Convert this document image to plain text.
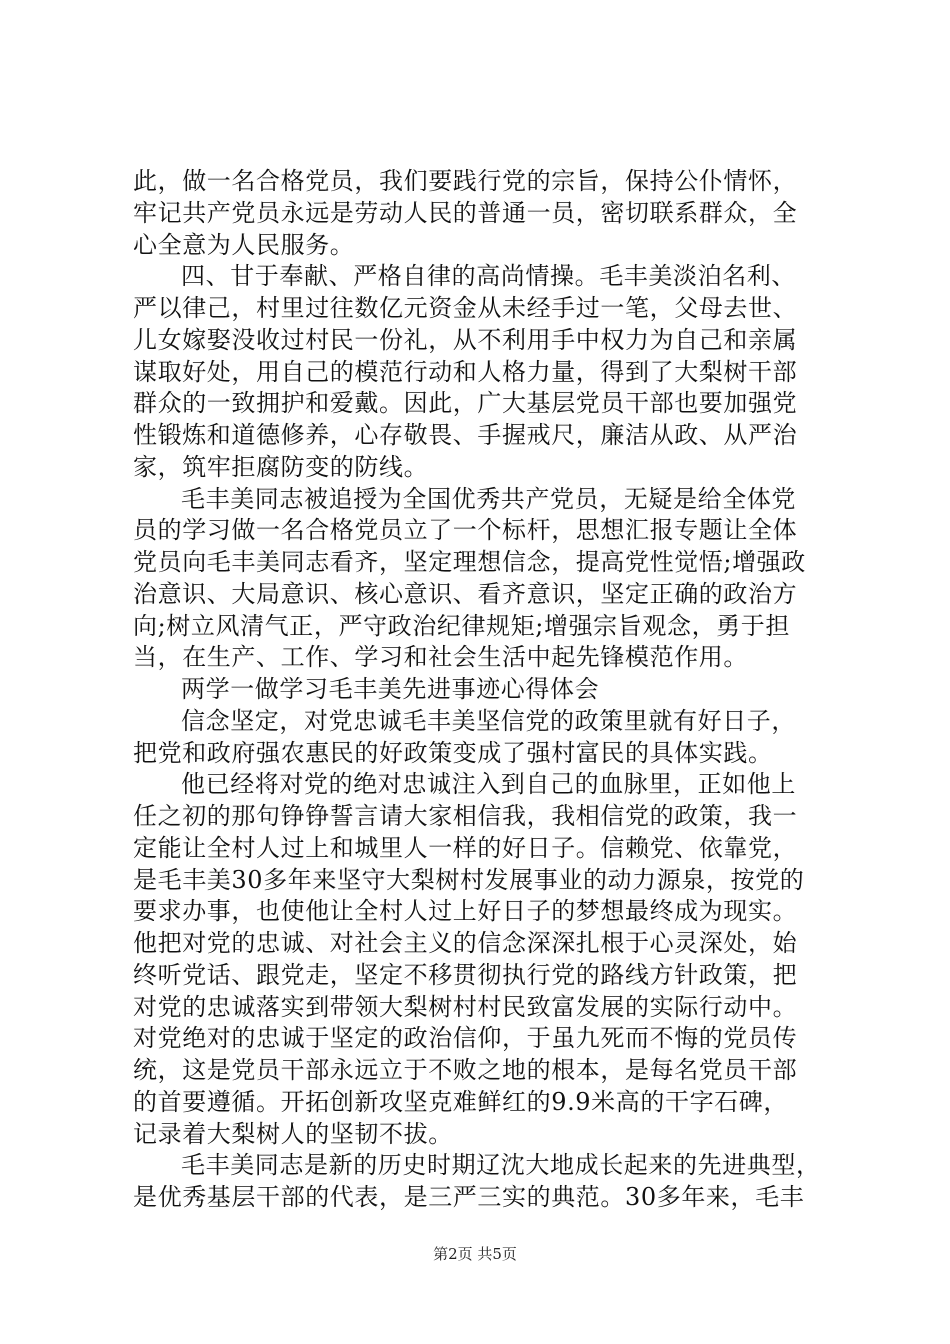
此，做一名合格党员，我们要践行党的宗旨，保持公仆情怀，
牢记共产党员永远是劳动人民的普通一员，密切联系群众，全
心全意为人民服务。
四、甘于奉献、严格自律的高尚情操。毛丰美淡泊名利、
严以律己，村里过往数亿元资金从未经手过一笔，父母去世、
儿女嫁娶没收过村民一份礼，从不利用手中权力为自己和亲属
谋取好处，用自己的模范行动和人格力量，得到了大梨树干部
群众的一致拥护和爱戴。因此，广大基层党员干部也要加强党
性锻炼和道德修养，心存敬畏、手握戒尺，廉洁从政、从严治
家，筑牢拒腐防变的防线。
毛丰美同志被追授为全国优秀共产党员，无疑是给全体党
员的学习做一名合格党员立了一个标杆，思想汇报专题让全体
党员向毛丰美同志看齐，坚定理想信念，提高党性觉悟;增强政
治意识、大局意识、核心意识、看齐意识，坚定正确的政治方
向;树立风清气正，严守政治纪律规矩;增强宗旨观念，勇于担
当，在生产、工作、学习和社会生活中起先锋模范作用。
两学一做学习毛丰美先进事迹心得体会
信念坚定，对党忠诚毛丰美坚信党的政策里就有好日子，
把党和政府强农惠民的好政策变成了强村富民的具体实践。
他已经将对党的绝对忠诚注入到自己的血脉里，正如他上
任之初的那句铮铮誓言请大家相信我，我相信党的政策，我一
定能让全村人过上和城里人一样的好日子。信赖党、依靠党，
是毛丰美30多年来坚守大梨树村发展事业的动力源泉，按党的
要求办事，也使他让全村人过上好日子的梦想最终成为现实。
他把对党的忠诚、对社会主义的信念深深扎根于心灵深处，始
终听党话、跟党走，坚定不移贯彻执行党的路线方针政策，把
对党的忠诚落实到带领大梨树村村民致富发展的实际行动中。
对党绝对的忠诚于坚定的政治信仰，于虽九死而不悔的党员传
统，这是党员干部永远立于不败之地的根本，是每名党员干部
的首要遵循。开拓创新攻坚克难鲜红的9.9米高的干字石碑，
记录着大梨树人的坚韧不拔。
毛丰美同志是新的历史时期辽沈大地成长起来的先进典型，
是优秀基层干部的代表，是三严三实的典范。30多年来，毛丰
第2页 共5页
